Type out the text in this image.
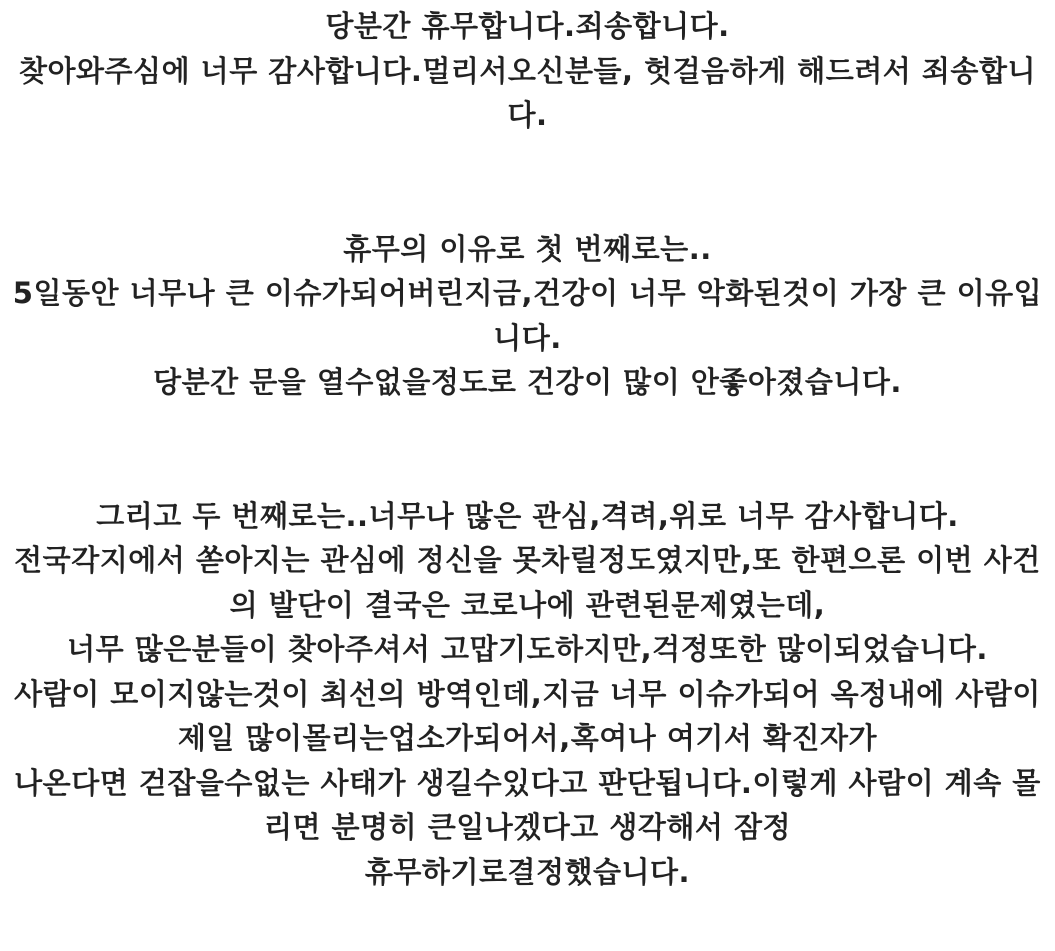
당분간 휴무합니다.죄송합니다.

찾아와주심에 너무 감사합니다.멀리서오신분들, 헛걸음하게 해드려서 죄송합니다.

휴무의 이유로 첫 번째로는..

5일동안 너무나 큰 이슈가되어버린지금,건강이 너무 악화된것이 가장 큰 이유입니다.

당분간 문을 열수없을정도로 건강이 많이 안좋아졌습니다.

그리고 두 번째로는..너무나 많은 관심,격려,위로 너무 감사합니다.

전국각지에서 쏟아지는 관심에 정신을 못차릴정도였지만,또 한편으론 이번 사건의 발단이 결국은 코로나에 관련된문제였는데,

너무 많은분들이 찾아주셔서 고맙기도하지만,걱정또한 많이되었습니다.

사람이 모이지않는것이 최선의 방역인데,지금 너무 이슈가되어 옥정내에 사람이 제일 많이몰리는업소가되어서,혹여나 여기서 확진자가

나온다면 걷잡을수없는 사태가 생길수있다고 판단됩니다.이렇게 사람이 계속 몰리면 분명히 큰일나겠다고 생각해서 잠정

휴무하기로결정했습니다.
